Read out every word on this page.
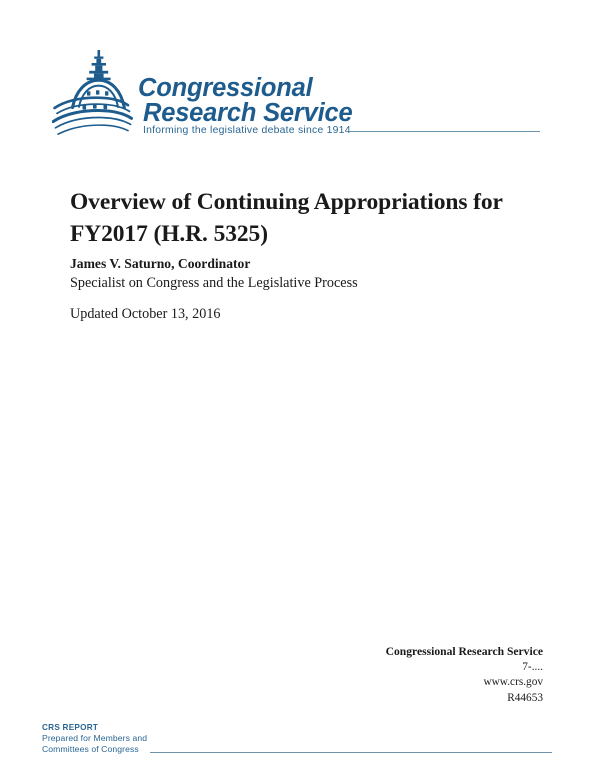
Congressional
Research Service
Informing the legislative debate since 1914
Overview of Continuing Appropriations for FY2017 (H.R. 5325)
James V. Saturno, Coordinator
Specialist on Congress and the Legislative Process
Updated October 13, 2016
Congressional Research Service
7-....
www.crs.gov
R44653
CRS REPORT
Prepared for Members and
Committees of Congress
